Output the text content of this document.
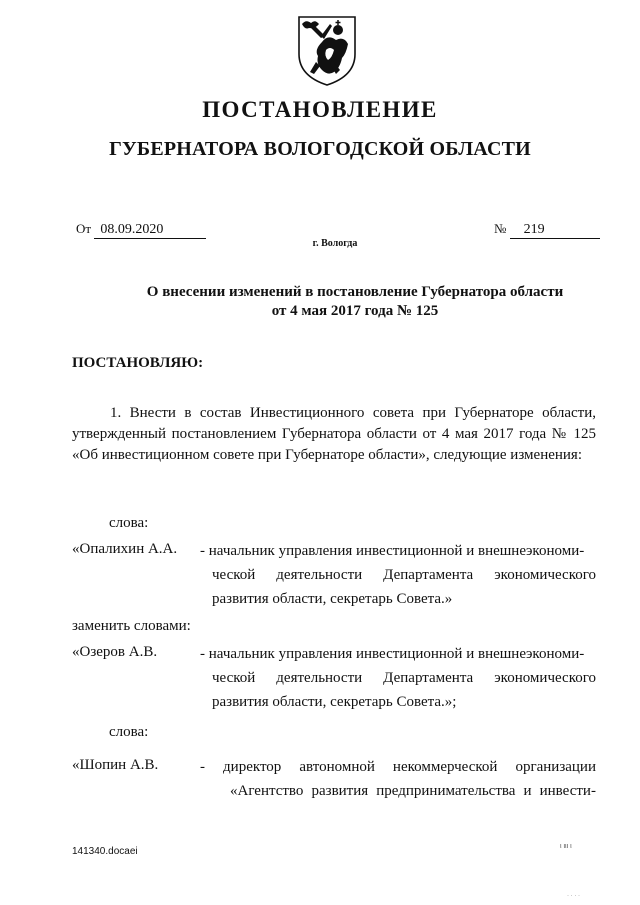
ПОСТАНОВЛЕНИЕ
ГУБЕРНАТОРА ВОЛОГОДСКОЙ ОБЛАСТИ
От 08.09.2020	№ 219
г. Вологда
О внесении изменений в постановление Губернатора области
от 4 мая 2017 года № 125
ПОСТАНОВЛЯЮ:
1. Внести в состав Инвестиционного совета при Губернаторе области, утвержденный постановлением Губернатора области от 4 мая 2017 года № 125 «Об инвестиционном совете при Губернаторе области», следующие изменения:
слова:
«Опалихин А.А. - начальник управления инвестиционной и внешнеэкономи-
ческой деятельности Департамента экономического развития области, секретарь Совета.»
заменить словами:
«Озеров А.В.	- начальник управления инвестиционной и внешнеэкономи-
ческой деятельности Департамента экономического развития области, секретарь Совета.»;
слова:
«Шопин А.В.	- директор автономной некоммерческой организации
«Агентство развития предпринимательства и инвести-
141340.docaei	ι ιιι ι
· · · ·
